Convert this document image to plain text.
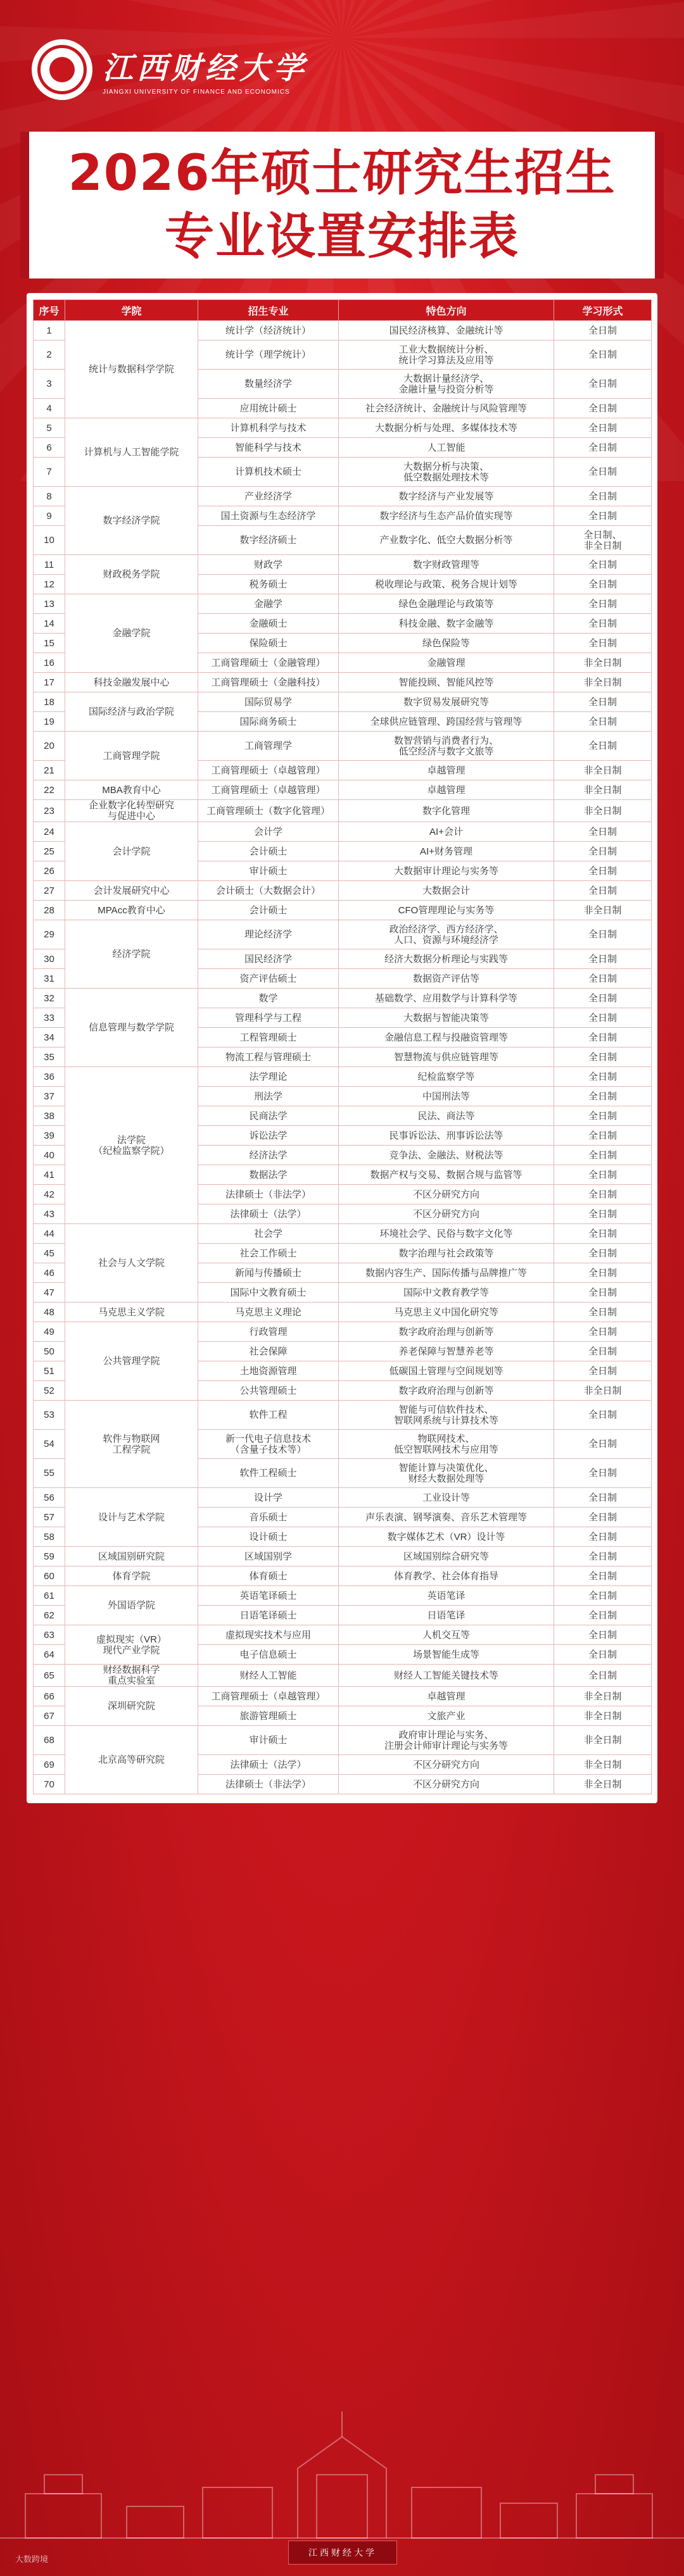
江西财经大学
JIANGXI UNIVERSITY OF FINANCE AND ECONOMICS
2026年硕士研究生招生
专业设置安排表
序号	学院	招生专业	特色方向	学习形式
1	统计与数据科学学院	统计学（经济统计）	国民经济核算、金融统计等	全日制
2		统计学（理学统计）	工业大数据统计分析、
统计学习算法及应用等	全日制
3		数量经济学	大数据计量经济学、
金融计量与投资分析等	全日制
4		应用统计硕士	社会经济统计、金融统计与风险管理等	全日制
5	计算机与人工智能学院	计算机科学与技术	大数据分析与处理、多媒体技术等	全日制
6		智能科学与技术	人工智能	全日制
7		计算机技术硕士	大数据分析与决策、
低空数据处理技术等	全日制
8	数字经济学院	产业经济学	数字经济与产业发展等	全日制
9		国土资源与生态经济学	数字经济与生态产品价值实现等	全日制
10		数字经济硕士	产业数字化、低空大数据分析等	全日制、
非全日制
11	财政税务学院	财政学	数字财政管理等	全日制
12		税务硕士	税收理论与政策、税务合规计划等	全日制
13	金融学院	金融学	绿色金融理论与政策等	全日制
14		金融硕士	科技金融、数字金融等	全日制
15		保险硕士	绿色保险等	全日制
16		工商管理硕士（金融管理）	金融管理	非全日制
17	科技金融发展中心	工商管理硕士（金融科技）	智能投顾、智能风控等	非全日制
18	国际经济与政治学院	国际贸易学	数字贸易发展研究等	全日制
19		国际商务硕士	全球供应链管理、跨国经营与管理等	全日制
20	工商管理学院	工商管理学	数智营销与消费者行为、
低空经济与数字文旅等	全日制
21		工商管理硕士（卓越管理）	卓越管理	非全日制
22	MBA教育中心	工商管理硕士（卓越管理）	卓越管理	非全日制
23	企业数字化转型研究
与促进中心	工商管理硕士（数字化管理）	数字化管理	非全日制
24	会计学院	会计学	AI+会计	全日制
25		会计硕士	AI+财务管理	全日制
26		审计硕士	大数据审计理论与实务等	全日制
27	会计发展研究中心	会计硕士（大数据会计）	大数据会计	全日制
28	MPAcc教育中心	会计硕士	CFO管理理论与实务等	非全日制
29	经济学院	理论经济学	政治经济学、西方经济学、
人口、资源与环境经济学	全日制
30		国民经济学	经济大数据分析理论与实践等	全日制
31		资产评估硕士	数据资产评估等	全日制
32	信息管理与数学学院	数学	基础数学、应用数学与计算科学等	全日制
33		管理科学与工程	大数据与智能决策等	全日制
34		工程管理硕士	金融信息工程与投融资管理等	全日制
35		物流工程与管理硕士	智慧物流与供应链管理等	全日制
36	法学院
（纪检监察学院）	法学理论	纪检监察学等	全日制
37		刑法学	中国刑法等	全日制
38		民商法学	民法、商法等	全日制
39		诉讼法学	民事诉讼法、刑事诉讼法等	全日制
40		经济法学	竞争法、金融法、财税法等	全日制
41		数据法学	数据产权与交易、数据合规与监管等	全日制
42		法律硕士（非法学）	不区分研究方向	全日制
43		法律硕士（法学）	不区分研究方向	全日制
44	社会与人文学院	社会学	环境社会学、民俗与数字文化等	全日制
45		社会工作硕士	数字治理与社会政策等	全日制
46		新闻与传播硕士	数据内容生产、国际传播与品牌推广等	全日制
47		国际中文教育硕士	国际中文教育教学等	全日制
48	马克思主义学院	马克思主义理论	马克思主义中国化研究等	全日制
49	公共管理学院	行政管理	数字政府治理与创新等	全日制
50		社会保障	养老保障与智慧养老等	全日制
51		土地资源管理	低碳国土管理与空间规划等	全日制
52		公共管理硕士	数字政府治理与创新等	非全日制
53	软件与物联网
工程学院	软件工程	智能与可信软件技术、
智联网系统与计算技术等	全日制
54		新一代电子信息技术
（含量子技术等）	物联网技术、
低空智联网技术与应用等	全日制
55		软件工程硕士	智能计算与决策优化、
财经大数据处理等	全日制
56	设计与艺术学院	设计学	工业设计等	全日制
57		音乐硕士	声乐表演、钢琴演奏、音乐艺术管理等	全日制
58		设计硕士	数字媒体艺术（VR）设计等	全日制
59	区域国别研究院	区域国别学	区域国别综合研究等	全日制
60	体育学院	体育硕士	体育教学、社会体育指导	全日制
61	外国语学院	英语笔译硕士	英语笔译	全日制
62		日语笔译硕士	日语笔译	全日制
63	虚拟现实（VR）
现代产业学院	虚拟现实技术与应用	人机交互等	全日制
64		电子信息硕士	场景智能生成等	全日制
65	财经数据科学
重点实验室	财经人工智能	财经人工智能关键技术等	全日制
66	深圳研究院	工商管理硕士（卓越管理）	卓越管理	非全日制
67		旅游管理硕士	文旅产业	非全日制
68	北京高等研究院	审计硕士	政府审计理论与实务、
注册会计师审计理论与实务等	非全日制
69		法律硕士（法学）	不区分研究方向	非全日制
70		法律硕士（非法学）	不区分研究方向	非全日制
江西财经大学
大数跨境
